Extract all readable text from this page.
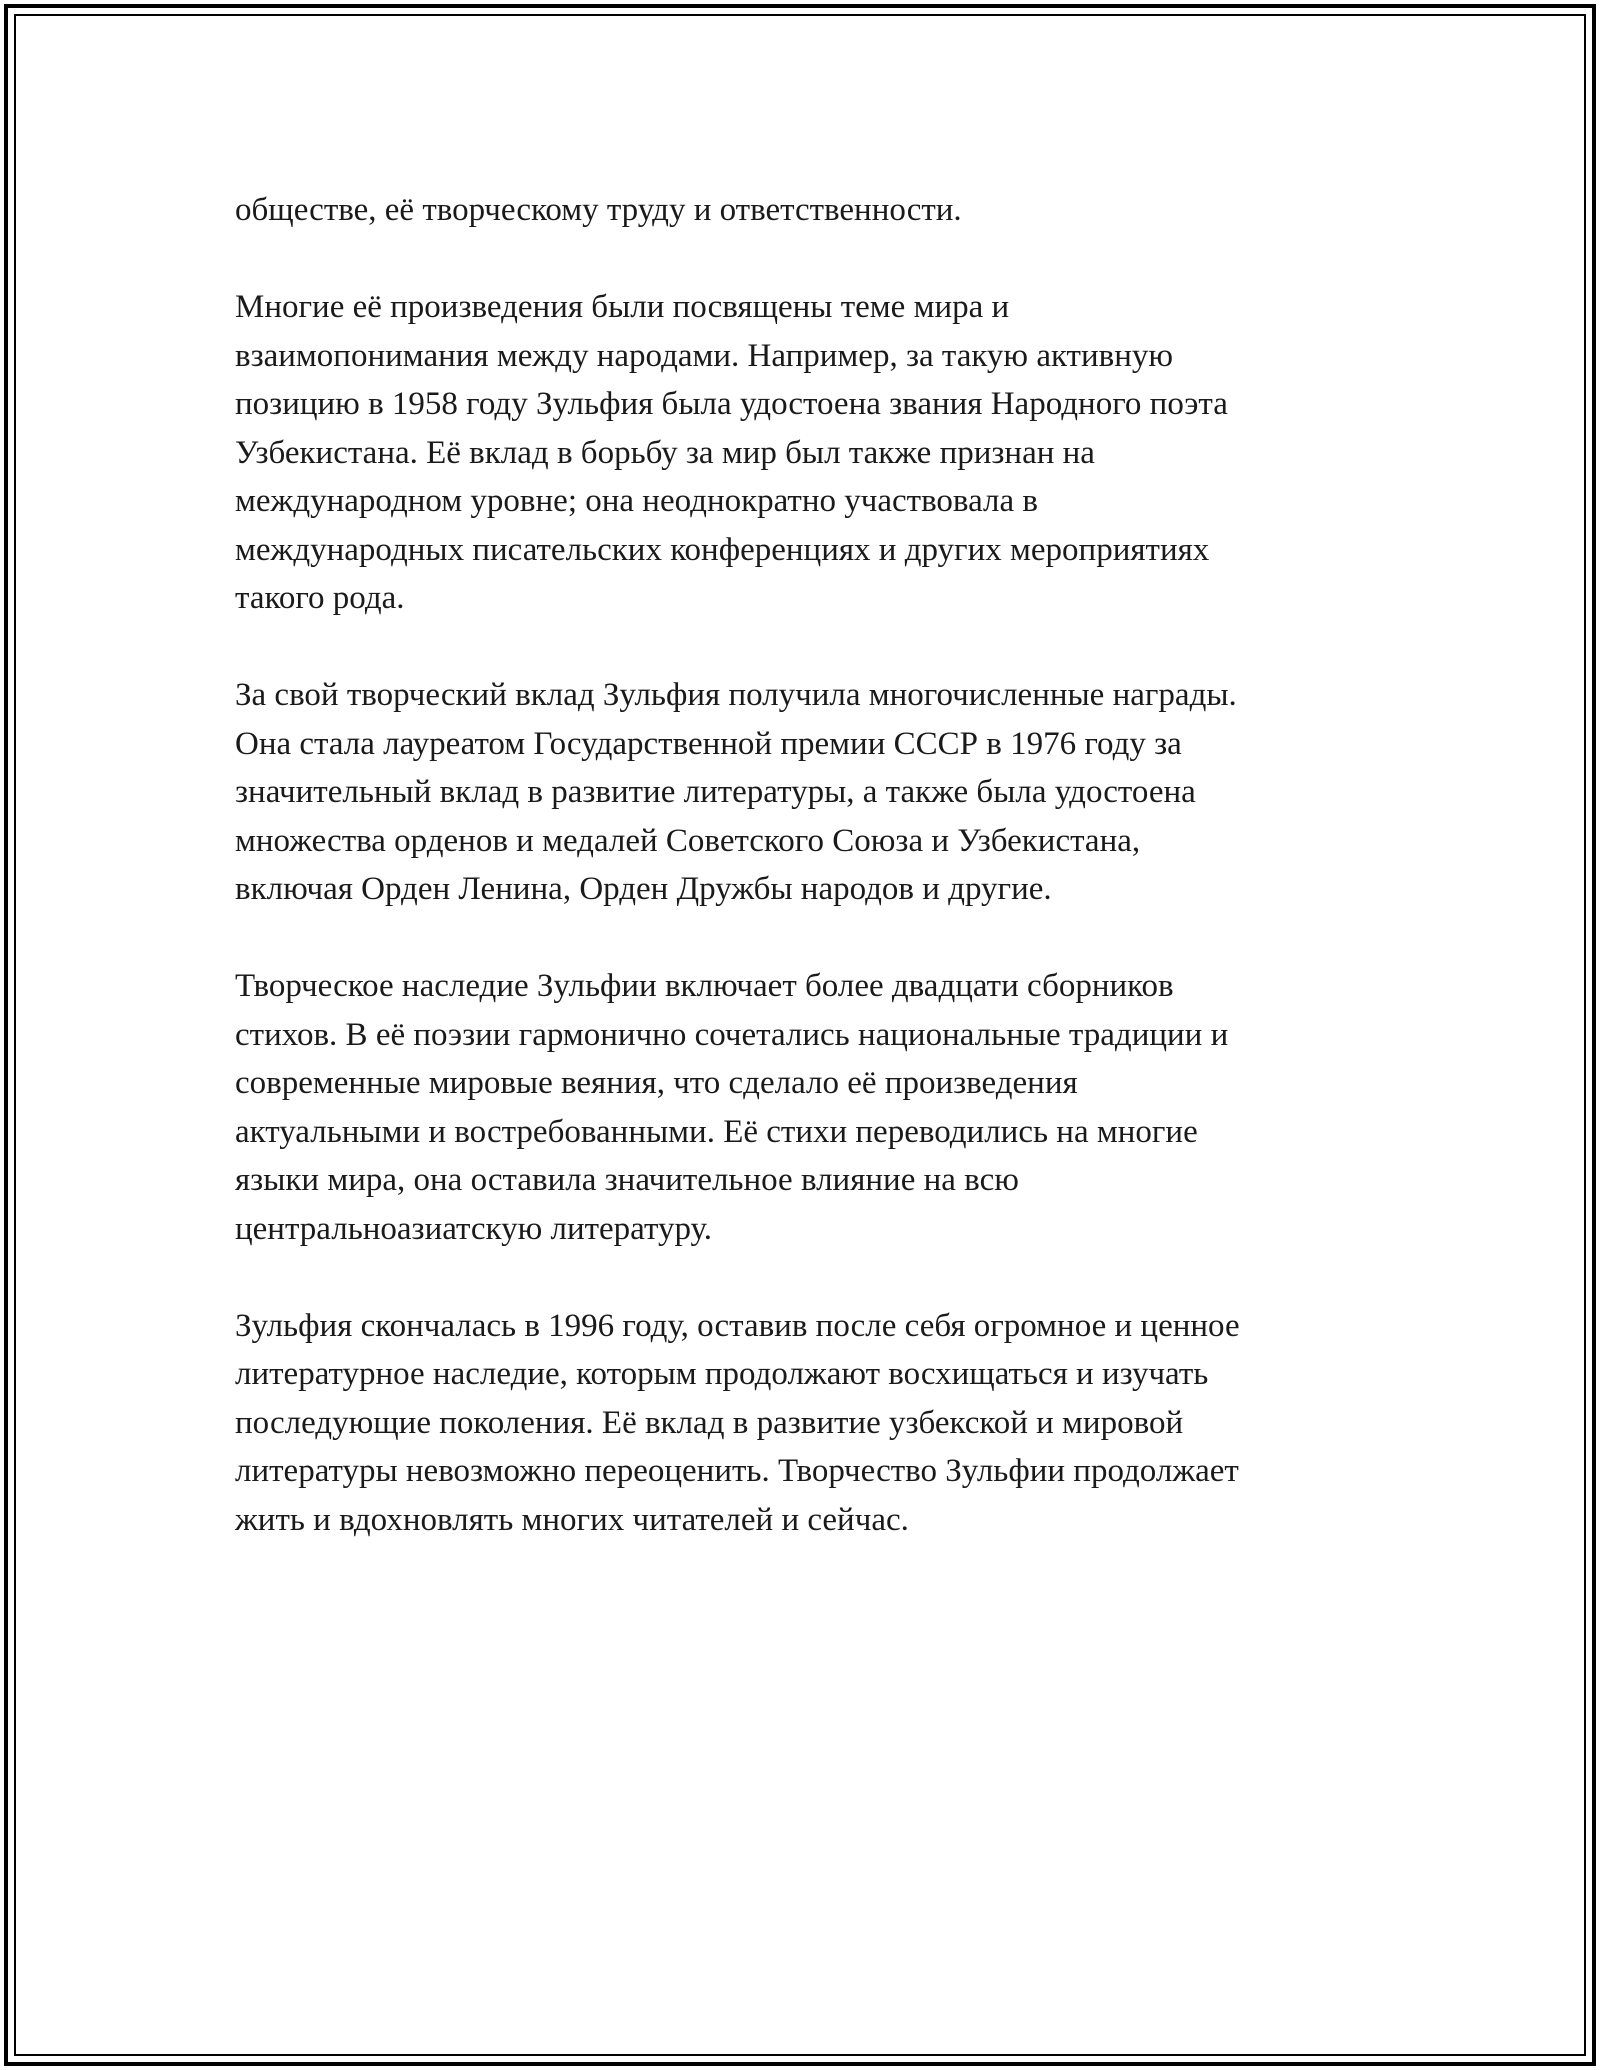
обществе, её творческому труду и ответственности.

Многие её произведения были посвящены теме мира и
взаимопонимания между народами. Например, за такую активную
позицию в 1958 году Зульфия была удостоена звания Народного поэта
Узбекистана. Её вклад в борьбу за мир был также признан на
международном уровне; она неоднократно участвовала в
международных писательских конференциях и других мероприятиях
такого рода.

За свой творческий вклад Зульфия получила многочисленные награды.
Она стала лауреатом Государственной премии СССР в 1976 году за
значительный вклад в развитие литературы, а также была удостоена
множества орденов и медалей Советского Союза и Узбекистана,
включая Орден Ленина, Орден Дружбы народов и другие.

Творческое наследие Зульфии включает более двадцати сборников
стихов. В её поэзии гармонично сочетались национальные традиции и
современные мировые веяния, что сделало её произведения
актуальными и востребованными. Её стихи переводились на многие
языки мира, она оставила значительное влияние на всю
центральноазиатскую литературу.

Зульфия скончалась в 1996 году, оставив после себя огромное и ценное
литературное наследие, которым продолжают восхищаться и изучать
последующие поколения. Её вклад в развитие узбекской и мировой
литературы невозможно переоценить. Творчество Зульфии продолжает
жить и вдохновлять многих читателей и сейчас.
